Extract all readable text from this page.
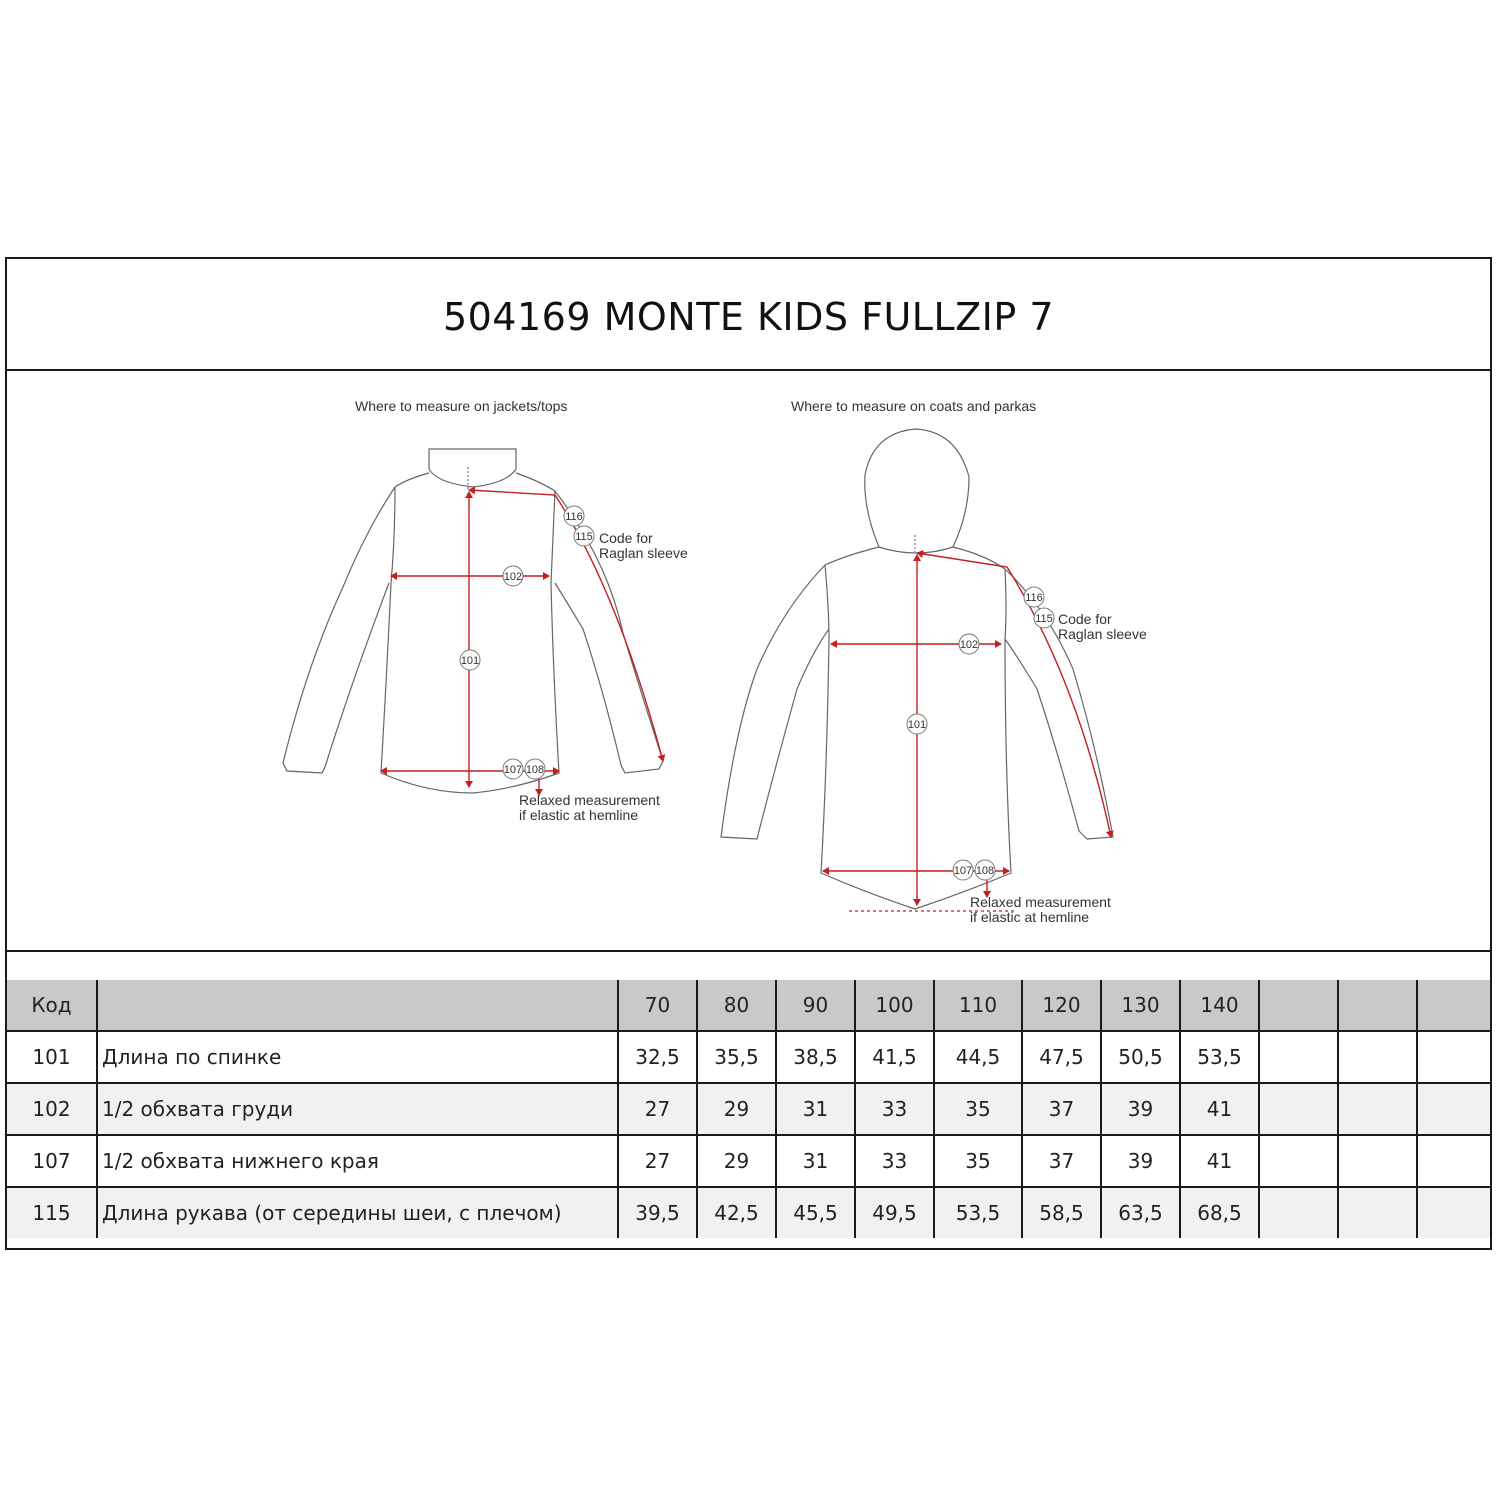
504169 MONTE KIDS FULLZIP 7
Where to measure on jackets/tops
116
115
102
101
107 108
Code for
Raglan sleeve
Relaxed measurement
if elastic at hemline
Where to measure on coats and parkas
116
115
102
101
107 108
Code for
Raglan sleeve
Relaxed measurement
if elastic at hemline
Код		70	80	90	100	110	120	130	140			
101	Длина по спинке	32,5	35,5	38,5	41,5	44,5	47,5	50,5	53,5			
102	1/2 обхвата груди	27	29	31	33	35	37	39	41			
107	1/2 обхвата нижнего края	27	29	31	33	35	37	39	41			
115	Длина рукава (от середины шеи, с плечом)	39,5	42,5	45,5	49,5	53,5	58,5	63,5	68,5			
